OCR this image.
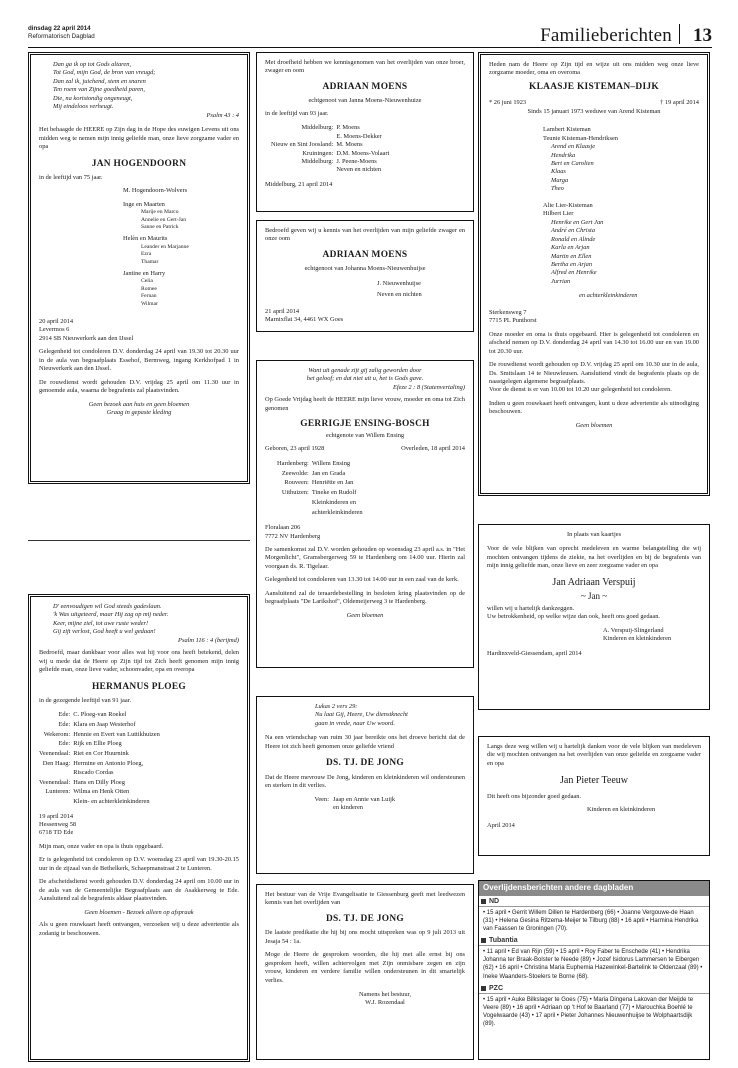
dinsdag 22 april 2014
Reformatorisch Dagblad	Familieberichten 13
Dan ga ik op tot Gods altaren,
Tot God, mijn God, de bron van vreugd;
Dan zal ik, juichend, stem en snaren
Ten roem van Zijne goedheid paren,
Die, na kortstondig ongeneugt,
Mij eindeloos verheugt.
Psalm 43 : 4
Het behaagde de HEERE op Zijn dag in de Hope des euwigen Levens uit ons midden weg te nemen mijn innig geliefde man, onze lieve zorgzame vader en opa
JAN HOGENDOORN
in de leeftijd van 75 jaar.
M. Hogendoorn-Wolvers
Inge en Maarten
Marije en Marco
Annelie en Gert-Jan
Sanne en Patrick
Helèn en Maurits
Leander en Marjanne
Ezra
Thamar
Jantine en Harry
Celia
Romee
Fernan
Wilmar
20 april 2014
Levermos 6
2914 SB Nieuwerkerk aan den IJssel
Gelegenheid tot condoleren D.V. donderdag 24 april van 19.30 tot 20.30 uur in de aula van begraafplaats Essehof, Bermweg, ingang Kerkhofpad 1 in Nieuwerkerk aan den IJssel.
De rouwdienst wordt gehouden D.V. vrijdag 25 april om 11.30 uur in genoemde aula, waarna de begrafenis zal plaatsvinden.
Geen bezoek aan huis en geen bloemen
Graag in gepaste kleding
D' eenvoudigen wil God steeds gadeslaan.
'k Was uitgeteerd, maar Hij zag op mij neder.
Keer, mijne ziel, tot uwe ruste weder!
Gij zijt verlost, God heeft u wel gedaan!
Psalm 116 : 4 (berijmd)
Bedroefd, maar dankbaar voor alles wat hij voor ons heeft betekend, delen wij u mede dat de Heere op Zijn tijd tot Zich heeft genomen mijn innig geliefde man, onze lieve vader, schoonvader, opa en overopa
HERMANUS PLOEG
in de gezegende leeftijd van 91 jaar.
Ede: C. Ploeg-van Roekel
Ede: Klara en Jaap Westerhof
Wekerom: Hennie en Evert van Luttikhuizen
Ede: Rijk en Ellie Ploeg
Veenendaal: Riet en Cor Huurnink
Den Haag: Hermine en Antonio Ploeg,
Riscado Cordas
Veenendaal: Hans en Dilly Ploeg
Lunteren: Wilma en Henk Otten
Klein- en achterkleinkinderen
19 april 2014
Hessenweg 58
6718 TD Ede
Mijn man, onze vader en opa is thuis opgebaard.
Er is gelegenheid tot condoleren op D.V. woensdag 23 april van 19.30-20.15 uur in de zijzaal van de Bethelkerk, Schaepmanstraat 2 te Lunteren.
De afscheidsdienst wordt gehouden D.V. donderdag 24 april om 10.00 uur in de aula van de Gemeentelijke Begraafplaats aan de Asakkerweg te Ede. Aansluitend zal de begrafenis aldaar plaatsvinden.
Geen bloemen - Bezoek alleen op afspraak
Als u geen rouwkaart heeft ontvangen, verzoeken wij u deze advertentie als zodanig te beschouwen.
Met droefheid hebben we kennisgenomen van het overlijden van onze broer, zwager en oom
ADRIAAN MOENS
echtgenoot van Janna Moens-Nieuwenhuize
in de leeftijd van 93 jaar.
Middelburg: P. Moens
E. Moens-Dekker
Nieuw en Sint Joosland: M. Moens
Kruiningen: D.M. Moens-Volaart
Middelburg: J. Peene-Moens
Neven en nichten
Middelburg, 21 april 2014
Bedroefd geven wij u kennis van het overlijden van mijn geliefde zwager en onze oom
ADRIAAN MOENS
echtgenoot van Johanna Moens-Nieuwenhuijse
J. Nieuwenhuijse
Neven en nichten
21 april 2014
Marnixflat 34, 4461 WX Goes
Want uit genade zijt gij zalig geworden door
het geloof; en dat niet uit u, het is Gods gave.
Efeze 2 : 8 (Statenvertaling)
Op Goede Vrijdag heeft de HEERE mijn lieve vrouw, moeder en oma tot Zich genomen
GERRIGJE ENSING-BOSCH
echtgenote van Willem Ensing
Geboren, 23 april 1928	Overleden, 18 april 2014
Hardenberg: Willem Ensing
Zeewolde: Jan en Grada
Rouveen: Henriëtte en Jan
Uithuizen: Tineke en Rudolf
Kleinkinderen en
achterkleinkinderen
Floralaan 206
7772 NV Hardenberg
De samenkomst zal D.V. worden gehouden op woensdag 23 april a.s. in "Het Morgenlicht", Gramsbergerweg 59 te Hardenberg om 14.00 uur. Hierin zal voorgaan ds. R. Tigelaar.
Gelegenheid tot condoleren van 13.30 tot 14.00 uur in een zaal van de kerk.
Aansluitend zal de teraardebestelling in besloten kring plaatsvinden op de begraafplaats "De Larikshof", Oldemeijerweg 3 te Hardenberg.
Geen bloemen
Lukas 2 vers 29:
Nu laat Gij, Heere, Uw dienstknecht
gaan in vrede, naar Uw woord.
Na een vriendschap van ruim 30 jaar bereikte ons het droeve bericht dat de Heere tot zich heeft genomen onze geliefde vriend
DS. TJ. DE JONG
Dat de Heere mevrouw De Jong, kinderen en kleinkinderen wil ondersteunen en sterken in dit verlies.
Veen: Jaap en Annie van Luijk
en kinderen
Het bestuur van de Vrije Evangelisatie te Giessenburg geeft met leedwezen kennis van het overlijden van
DS. TJ. DE JONG
De laatste predikatie die hij bij ons mocht uitspreken was op 9 juli 2013 uit Jesaja 54 : 1a.
Moge de Heere de gesproken woorden, die hij met alle ernst bij ons gesproken heeft, willen achtervolgen met Zijn onmisbare zegen en zijn vrouw, kinderen en verdere familie willen ondersteunen in dit smartelijk verlies.
Namens het bestuur,
W.J. Rozendaal
Heden nam de Heere op Zijn tijd en wijze uit ons midden weg onze lieve zorgzame moeder, oma en overoma
KLAASJE KISTEMAN–DIJK
* 26 juni 1923	† 19 april 2014
Sinds 15 januari 1973 weduwe van Arend Kisteman
Lambert Kisteman
Teunie Kisteman-Hendriksen
Arend en Klaasje
Hendrika
Bert en Carolien
Klaas
Marga
Theo
Alie Lier-Kisteman
Hilbert Lier
Henrike en Gert Jan
André en Christa
Ronald en Alinde
Karla en Arjan
Martin en Ellen
Bertha en Arjan
Alfred en Henrike
Jurrian
en achterkleinkinderen
Sterkensweg 7
7715 PL Punthorst
Onze moeder en oma is thuis opgebaard. Hier is gelegenheid tot condoleren en afscheid nemen op D.V. donderdag 24 april van 14.30 tot 16.00 uur en van 19.00 tot 20.30 uur.
De rouwdienst wordt gehouden op D.V. vrijdag 25 april om 10.30 uur in de aula, Ds. Smitslaan 14 te Nieuwleusen. Aansluitend vindt de begrafenis plaats op de naastgelegen algemene begraafplaats.
Voor de dienst is er van 10.00 tot 10.20 uur gelegenheid tot condoleren.
Indien u geen rouwkaart heeft ontvangen, kunt u deze advertentie als uitnodiging beschouwen.
Geen bloemen
In plaats van kaartjes
Voor de vele blijken van oprecht medeleven en warme belangstelling die wij mochten ontvangen tijdens de ziekte, na het overlijden en bij de begrafenis van mijn innig geliefde man, onze lieve en zeer zorgzame vader en opa
Jan Adriaan Verspuij
~ Jan ~
willen wij u hartelijk dankzeggen.
Uw betrokkenheid, op welke wijze dan ook, heeft ons goed gedaan.
A. Verspuij-Slingerland
Kinderen en kleinkinderen
Hardinxveld-Giessendam, april 2014
Langs deze weg willen wij u hartelijk danken voor de vele blijken van medeleven die wij mochten ontvangen na het overlijden van onze geliefde en zorgzame vader en opa
Jan Pieter Teeuw
Dit heeft ons bijzonder goed gedaan.
Kinderen en kleinkinderen
April 2014
Overlijdensberichten andere dagbladen
ND
• 15 april • Gerrit Willem Dillen te Hardenberg (66) • Joanne Vergouwe-de Haan (31) • Helena Gesina Ritzema-Meijer te Tilburg (88) • 16 april • Harmina Hendrika van Faassen te Groningen (70).
Tubantia
• 11 april • Ed van Rijn (59) • 15 april • Roy Faber te Enschede (41) • Hendrika Johanna ter Braak-Bolster te Neede (89) • Jozef Isidorus Lammersen te Eibergen (62) • 16 april • Christina Maria Euphemia Hazewinkel-Bartelink te Oldenzaal (89) • Ineke Waanders-Stoelers te Borne (68).
PZC
• 15 april • Auke Bilkslager te Goes (75) • Maria Dingena Lakovan der Meijde te Veere (89) • 16 april • Adriaan op 't Hof te Baarland (77) • Marouchka Boehlé te Vogelwaarde (43) • 17 april • Pieter Johannes Nieuwenhuijse te Wolphaartsdijk (89).
